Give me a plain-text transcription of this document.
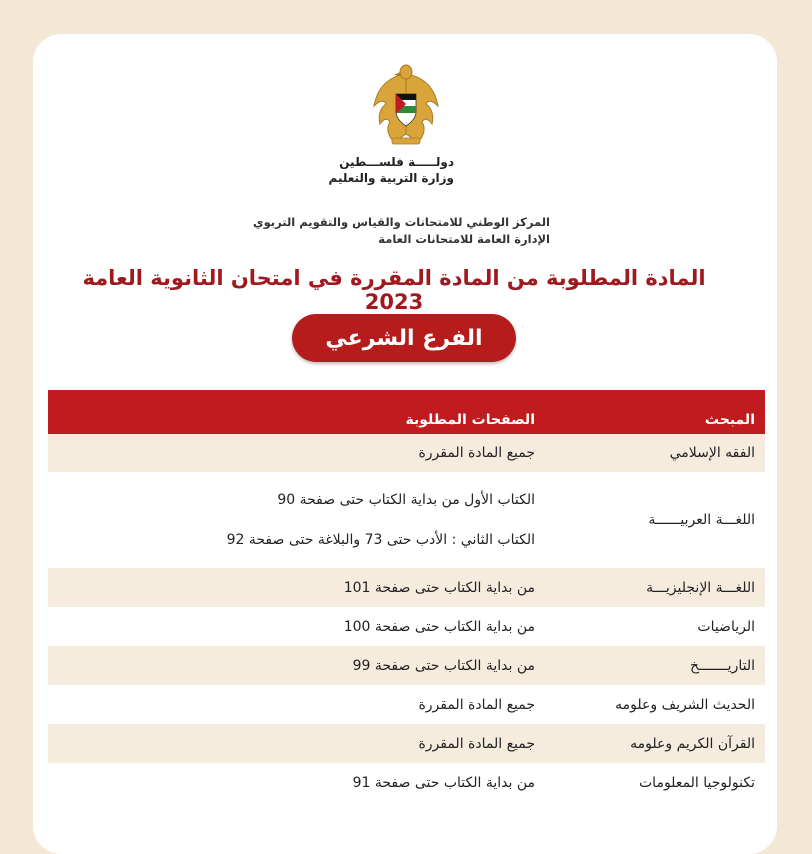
دولـــــة فلســـطين
وزارة التربية والتعليم
المركز الوطني للامتحانات والقياس والتقويم التربوي
الإدارة العامة للامتحانات العامة
المادة المطلوبة من المادة المقررة في امتحان الثانوية العامة 2023
الفرع الشرعي
المبحث	الصفحات المطلوبة
الفقه الإسلامي	جميع المادة المقررة
اللغـــة العربيــــــة	الكتاب الأول من بداية الكتاب حتى صفحة 90
الكتاب الثاني : الأدب حتى 73 والبلاغة حتى صفحة 92

اللغـــة الإنجليزيـــة	من بداية الكتاب حتى صفحة 101
الرياضيات	من بداية الكتاب حتى صفحة 100
التاريـــــــخ	من بداية الكتاب حتى صفحة 99
الحديث الشريف وعلومه	جميع المادة المقررة
القرآن الكريم وعلومه	جميع المادة المقررة
تكنولوجيا المعلومات	من بداية الكتاب حتى صفحة 91
